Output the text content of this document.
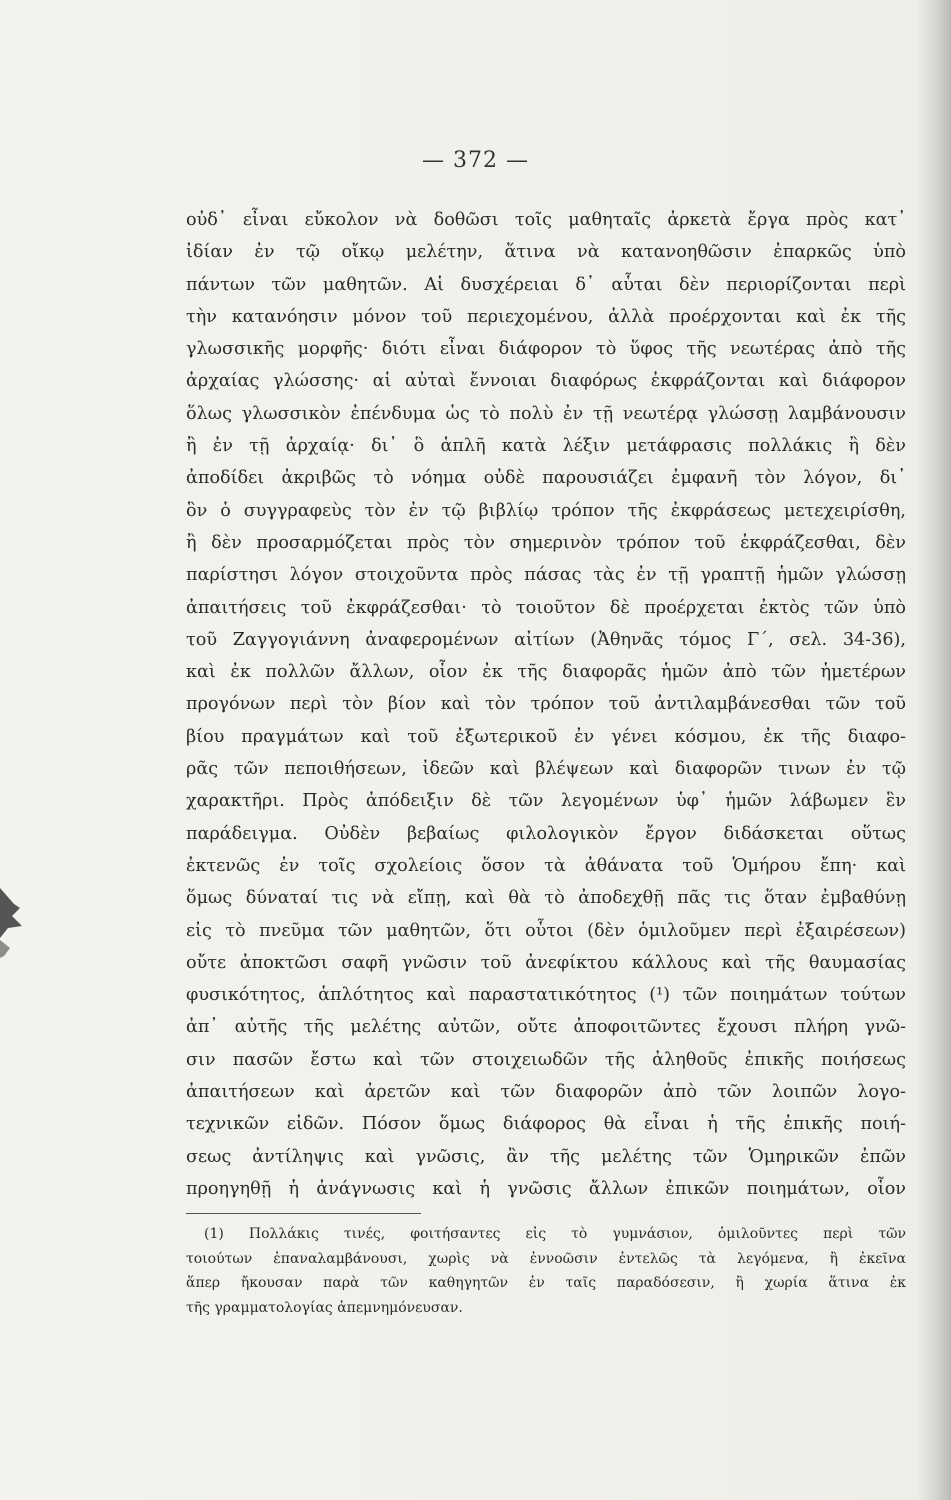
— 372 —
οὐδ᾽ εἶναι εὔκολον νὰ δοθῶσι τοῖς μαθηταῖς ἀρκετὰ ἔργα πρὸς κατ᾽
ἰδίαν ἐν τῷ οἴκῳ μελέτην, ἅτινα νὰ κατανοηθῶσιν ἐπαρκῶς ὑπὸ
πάντων τῶν μαθητῶν. Αἱ δυσχέρειαι δ᾽ αὗται δὲν περιορίζονται περὶ
τὴν κατανόησιν μόνον τοῦ περιεχομένου, ἀλλὰ προέρχονται καὶ ἐκ τῆς
γλωσσικῆς μορφῆς· διότι εἶναι διάφορον τὸ ὕφος τῆς νεωτέρας ἀπὸ τῆς
ἀρχαίας γλώσσης· αἱ αὐταὶ ἔννοιαι διαφόρως ἐκφράζονται καὶ διάφορον
ὅλως γλωσσικὸν ἐπένδυμα ὡς τὸ πολὺ ἐν τῇ νεωτέρᾳ γλώσσῃ λαμβάνουσιν
ἢ ἐν τῇ ἀρχαίᾳ· δι᾽ ὃ ἁπλῆ κατὰ λέξιν μετάφρασις πολλάκις ἢ δὲν
ἀποδίδει ἀκριβῶς τὸ νόημα οὐδὲ παρουσιάζει ἐμφανῆ τὸν λόγον, δι᾽
ὃν ὁ συγγραφεὺς τὸν ἐν τῷ βιβλίῳ τρόπον τῆς ἐκφράσεως μετεχειρίσθη,
ἢ δὲν προσαρμόζεται πρὸς τὸν σημερινὸν τρόπον τοῦ ἐκφράζεσθαι, δὲν
παρίστησι λόγον στοιχοῦντα πρὸς πάσας τὰς ἐν τῇ γραπτῇ ἡμῶν γλώσσῃ
ἀπαιτήσεις τοῦ ἐκφράζεσθαι· τὸ τοιοῦτον δὲ προέρχεται ἐκτὸς τῶν ὑπὸ
τοῦ Ζαγγογιάννη ἀναφερομένων αἰτίων (Ἀθηνᾶς τόμος Γ΄, σελ. 34-36),
καὶ ἐκ πολλῶν ἄλλων, οἷον ἐκ τῆς διαφορᾶς ἡμῶν ἀπὸ τῶν ἡμετέρων
προγόνων περὶ τὸν βίον καὶ τὸν τρόπον τοῦ ἀντιλαμβάνεσθαι τῶν τοῦ
βίου πραγμάτων καὶ τοῦ ἐξωτερικοῦ ἐν γένει κόσμου, ἐκ τῆς διαφο-
ρᾶς τῶν πεποιθήσεων, ἰδεῶν καὶ βλέψεων καὶ διαφορῶν τινων ἐν τῷ
χαρακτῆρι. Πρὸς ἀπόδειξιν δὲ τῶν λεγομένων ὑφ᾽ ἡμῶν λάβωμεν ἓν
παράδειγμα. Οὐδὲν βεβαίως φιλολογικὸν ἔργον διδάσκεται οὕτως
ἐκτενῶς ἐν τοῖς σχολείοις ὅσον τὰ ἀθάνατα τοῦ Ὁμήρου ἔπη· καὶ
ὅμως δύναταί τις νὰ εἴπῃ, καὶ θὰ τὸ ἀποδεχθῇ πᾶς τις ὅταν ἐμβαθύνῃ
εἰς τὸ πνεῦμα τῶν μαθητῶν, ὅτι οὗτοι (δὲν ὁμιλοῦμεν περὶ ἐξαιρέσεων)
οὔτε ἀποκτῶσι σαφῆ γνῶσιν τοῦ ἀνεφίκτου κάλλους καὶ τῆς θαυμασίας
φυσικότητος, ἁπλότητος καὶ παραστατικότητος (¹) τῶν ποιημάτων τούτων
ἀπ᾽ αὐτῆς τῆς μελέτης αὐτῶν, οὔτε ἀποφοιτῶντες ἔχουσι πλήρη γνῶ-
σιν πασῶν ἔστω καὶ τῶν στοιχειωδῶν τῆς ἀληθοῦς ἐπικῆς ποιήσεως
ἀπαιτήσεων καὶ ἀρετῶν καὶ τῶν διαφορῶν ἀπὸ τῶν λοιπῶν λογο-
τεχνικῶν εἰδῶν. Πόσον ὅμως διάφορος θὰ εἶναι ἡ τῆς ἐπικῆς ποιή-
σεως ἀντίληψις καὶ γνῶσις, ἂν τῆς μελέτης τῶν Ὁμηρικῶν ἐπῶν
προηγηθῇ ἡ ἀνάγνωσις καὶ ἡ γνῶσις ἄλλων ἐπικῶν ποιημάτων, οἷον
(1) Πολλάκις τινές, φοιτήσαντες εἰς τὸ γυμνάσιον, ὁμιλοῦντες περὶ τῶν
τοιούτων ἐπαναλαμβάνουσι, χωρὶς νὰ ἐννοῶσιν ἐντελῶς τὰ λεγόμενα, ἢ ἐκεῖνα
ἅπερ ἤκουσαν παρὰ τῶν καθηγητῶν ἐν ταῖς παραδόσεσιν, ἢ χωρία ἅτινα ἐκ
τῆς γραμματολογίας ἀπεμνημόνευσαν.
